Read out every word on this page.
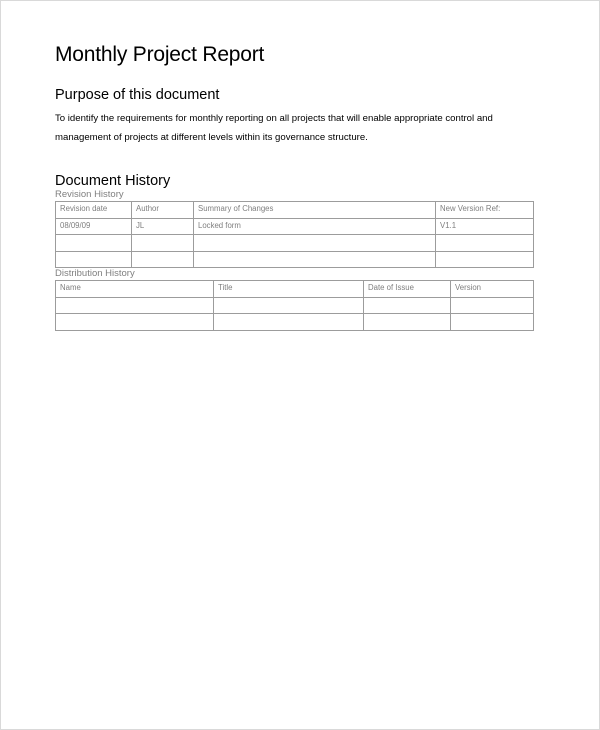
Monthly Project Report
Purpose of this document

To identify the requirements for monthly reporting on all projects that will enable appropriate control and management of projects at different levels within its governance structure.

Document History

Revision History

Revision date	Author	Summary of Changes	New Version Ref:
08/09/09	JL	Locked form	V1.1

Distribution History

Name	Title	Date of Issue	Version
